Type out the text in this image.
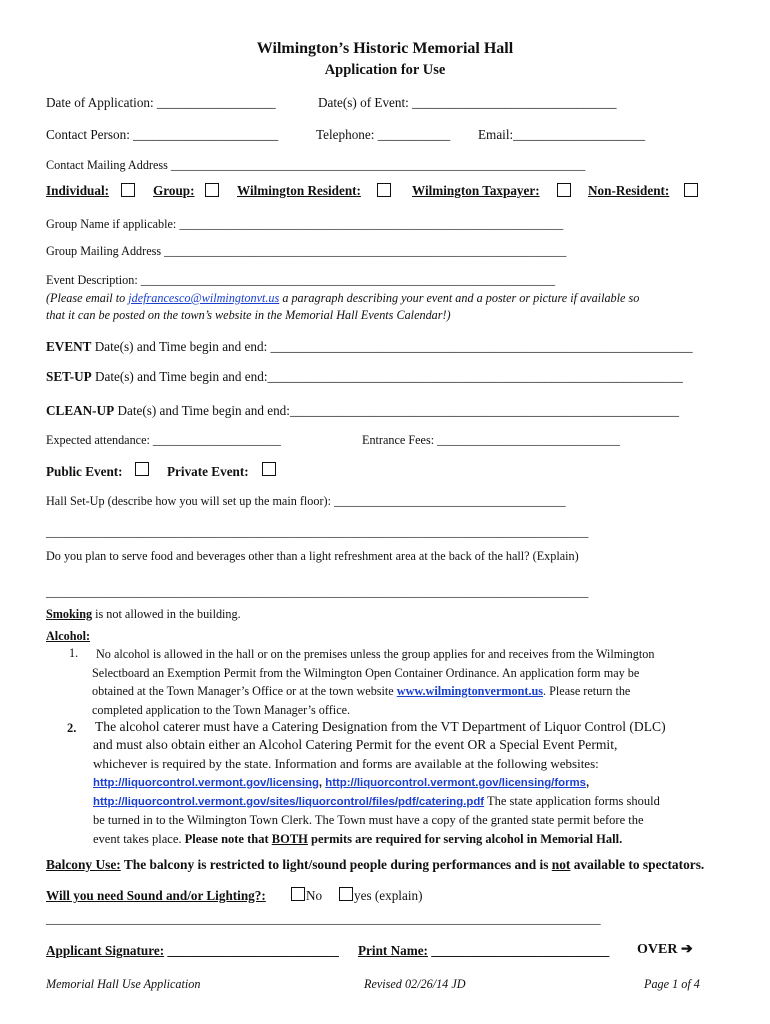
Wilmington’s Historic Memorial Hall
Application for Use
Date of Application: __________________	Date(s) of Event: _______________________________
Contact Person: ______________________	Telephone: ___________ Email:____________________
Contact Mailing Address ____________________________________________________________________
Individual:	Group:	Wilmington Resident:	Wilmington Taxpayer:	Non-Resident:
Group Name if applicable: _______________________________________________________________
Group Mailing Address __________________________________________________________________
Event Description: ____________________________________________________________________
(Please email to jdefrancesco@wilmingtonvt.us a paragraph describing your event and a poster or picture if available so
that it can be posted on the town’s website in the Memorial Hall Events Calendar!)
EVENT Date(s) and Time begin and end: ________________________________________________________________
SET-UP Date(s) and Time begin and end:_______________________________________________________________
CLEAN-UP Date(s) and Time begin and end:___________________________________________________________
Expected attendance: _____________________	Entrance Fees: ______________________________
Public Event:	Private Event:
Hall Set-Up (describe how you will set up the main floor): ______________________________________
_________________________________________________________________________________________
Do you plan to serve food and beverages other than a light refreshment area at the back of the hall? (Explain)
_________________________________________________________________________________________
Smoking is not allowed in the building.
Alcohol:
1. No alcohol is allowed in the hall or on the premises unless the group applies for and receives from the Wilmington
Selectboard an Exemption Permit from the Wilmington Open Container Ordinance. An application form may be
obtained at the Town Manager’s Office or at the town website www.wilmingtonvermont.us. Please return the
completed application to the Town Manager’s office.
2. The alcohol caterer must have a Catering Designation from the VT Department of Liquor Control (DLC)
and must also obtain either an Alcohol Catering Permit for the event OR a Special Event Permit,
whichever is required by the state. Information and forms are available at the following websites:
http://liquorcontrol.vermont.gov/licensing, http://liquorcontrol.vermont.gov/licensing/forms,
http://liquorcontrol.vermont.gov/sites/liquorcontrol/files/pdf/catering.pdf The state application forms should
be turned in to the Wilmington Town Clerk. The Town must have a copy of the granted state permit before the
event takes place. Please note that BOTH permits are required for serving alcohol in Memorial Hall.
Balcony Use: The balcony is restricted to light/sound people during performances and is not available to spectators.
Will you need Sound and/or Lighting?:	No yes (explain)
___________________________________________________________________________________________
Applicant Signature: __________________________ Print Name: ___________________________ OVER ➔
Memorial Hall Use Application	Revised 02/26/14 JD	Page 1 of 4
